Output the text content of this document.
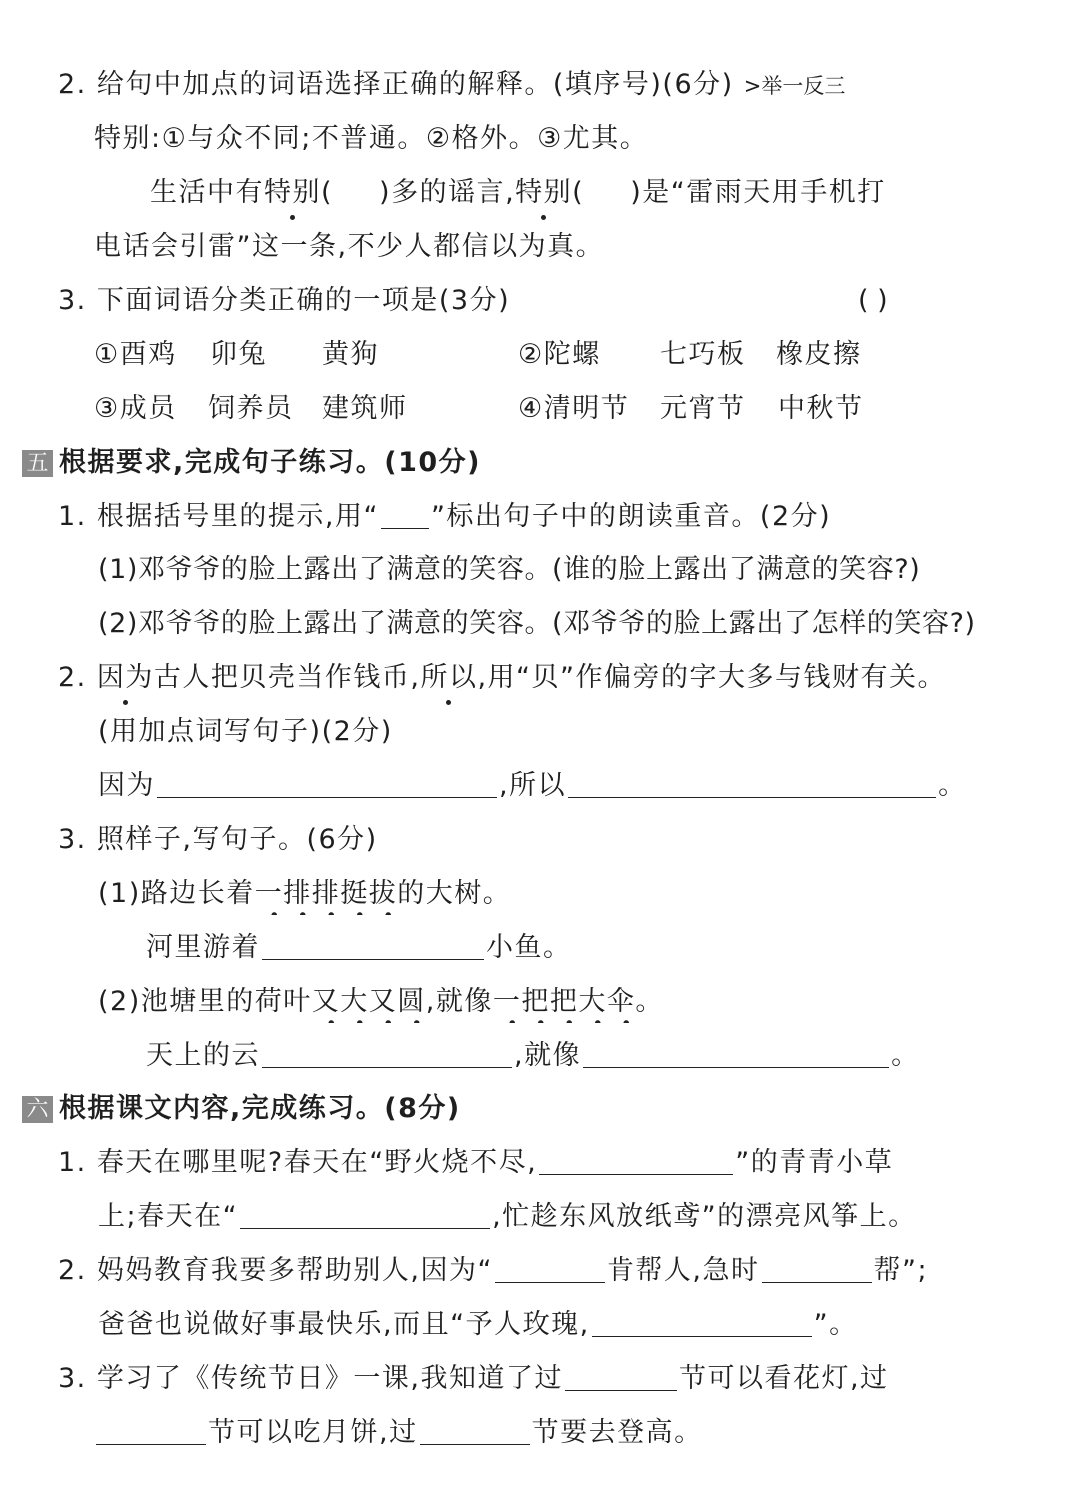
2. 给句中加点的词语选择正确的解释。(填序号)(6分) >举一反三
特别:①与众不同;不普通。②格外。③尤其。
生活中有特别( )多的谣言,特别( )是“雷雨天用手机打
电话会引雷”这一条,不少人都信以为真。
3. 下面词语分类正确的一项是(3分)	( )
①酉鸡 卯兔 黄狗	②陀螺 七巧板 橡皮擦
③成员 饲养员 建筑师	④清明节 元宵节 中秋节
五 根据要求,完成句子练习。(10分)
1. 根据括号里的提示,用“ ”标出句子中的朗读重音。(2分)
(1)邓爷爷的脸上露出了满意的笑容。(谁的脸上露出了满意的笑容?)
(2)邓爷爷的脸上露出了满意的笑容。(邓爷爷的脸上露出了怎样的笑容?)
2. 因为古人把贝壳当作钱币,所以,用“贝”作偏旁的字大多与钱财有关。
(用加点词写句子)(2分)
因为	,所以	。
3. 照样子,写句子。(6分)
(1)路边长着一排排挺拔的大树。
河里游着	小鱼。
(2)池塘里的荷叶又大又圆,就像一把把大伞。
天上的云	,就像	。
六 根据课文内容,完成练习。(8分)
1. 春天在哪里呢?春天在“野火烧不尽,	”的青青小草
上;春天在“	,忙趁东风放纸鸢”的漂亮风筝上。
2. 妈妈教育我要多帮助别人,因为“	肯帮人,急时	帮”;
爸爸也说做好事最快乐,而且“予人玫瑰,	”。
3. 学习了《传统节日》一课,我知道了过	节可以看花灯,过
节可以吃月饼,过	节要去登高。
